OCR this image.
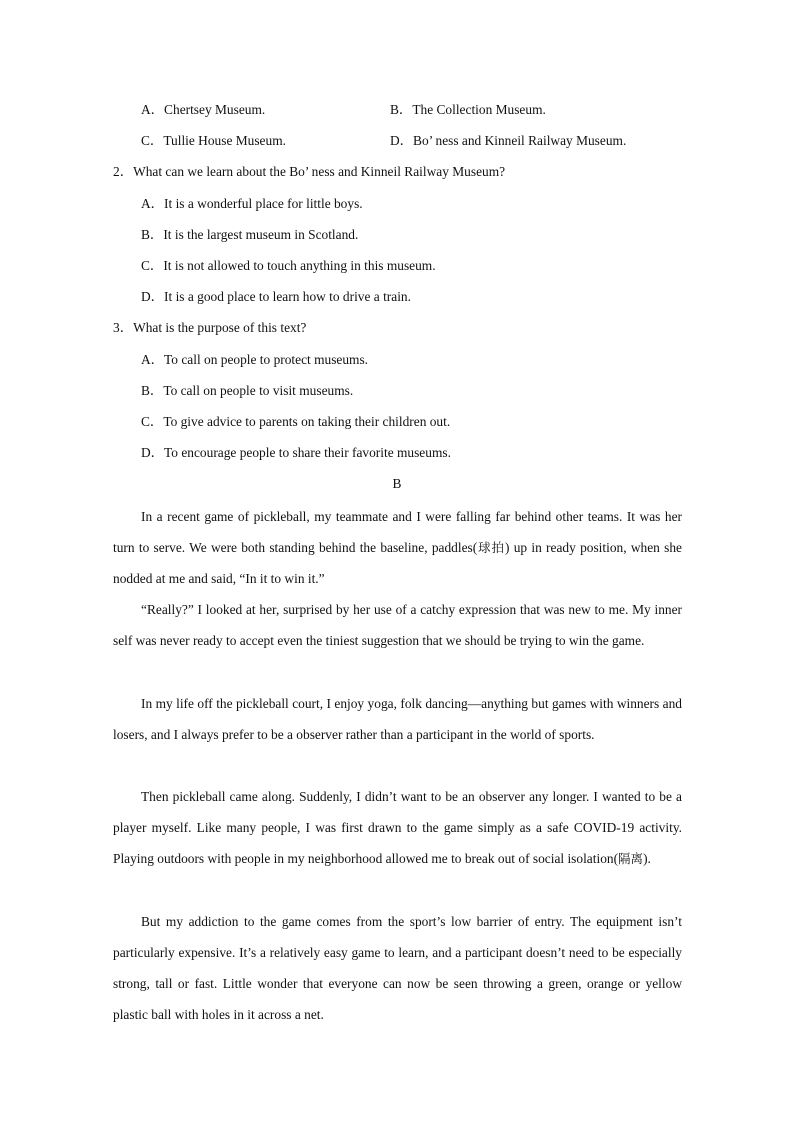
A．Chertsey Museum.	B．The Collection Museum.
C．Tullie House Museum.	D．Bo’ ness and Kinneil Railway Museum.
2．What can we learn about the Bo’ ness and Kinneil Railway Museum?
A．It is a wonderful place for little boys.
B．It is the largest museum in Scotland.
C．It is not allowed to touch anything in this museum.
D．It is a good place to learn how to drive a train.
3．What is the purpose of this text?
A．To call on people to protect museums.
B．To call on people to visit museums.
C．To give advice to parents on taking their children out.
D．To encourage people to share their favorite museums.
B

In a recent game of pickleball, my teammate and I were falling far behind other teams. It was her turn to serve. We were both standing behind the baseline, paddles(球拍) up in ready position, when she nodded at me and said, “In it to win it.”

“Really?” I looked at her, surprised by her use of a catchy expression that was new to me. My inner self was never ready to accept even the tiniest suggestion that we should be trying to win the game.

In my life off the pickleball court, I enjoy yoga, folk dancing—anything but games with winners and losers, and I always prefer to be a observer rather than a participant in the world of sports.

Then pickleball came along. Suddenly, I didn’t want to be an observer any longer. I wanted to be a player myself. Like many people, I was first drawn to the game simply as a safe COVID-19 activity. Playing outdoors with people in my neighborhood allowed me to break out of social isolation(隔离).

But my addiction to the game comes from the sport’s low barrier of entry. The equipment isn’t particularly expensive. It’s a relatively easy game to learn, and a participant doesn’t need to be especially strong, tall or fast. Little wonder that everyone can now be seen throwing a green, orange or yellow plastic ball with holes in it across a net.
